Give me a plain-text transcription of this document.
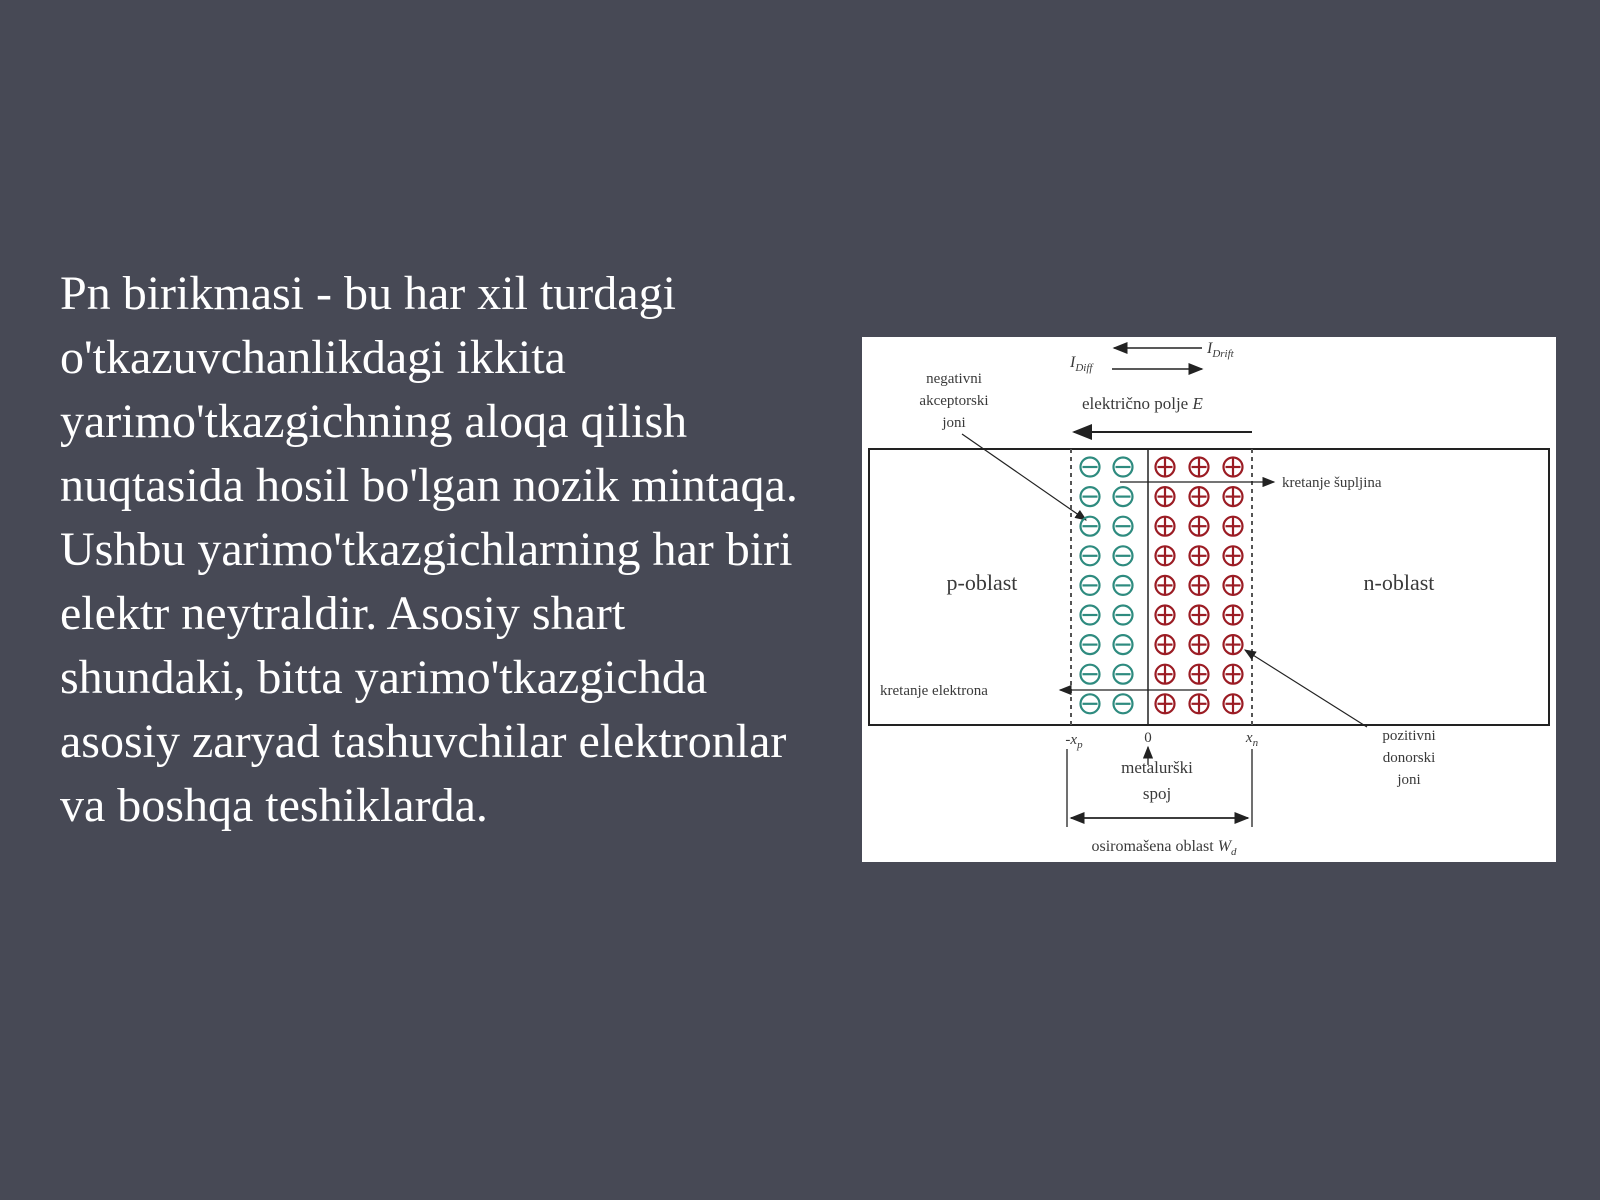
Pn birikmasi - bu har xil turdagi o'tkazuvchanlikdagi ikkita yarimo'tkazgichning aloqa qilish nuqtasida hosil bo'lgan nozik mintaqa. Ushbu yarimo'tkazgichlarning har biri elektr neytraldir. Asosiy shart shundaki, bitta yarimo'tkazgichda asosiy zaryad tashuvchilar elektronlar va boshqa teshiklarda.

$I_{Drift}$
$I_{Diff}$
električno polje E
negativni
akceptorski
joni
p-oblast	n-oblast
kretanje šupljina
kretanje elektrona
pozitivni
donorski
joni
$-x_p$	0	$x_n$
metalurški
spoj
osiromašena oblast $W_d$
